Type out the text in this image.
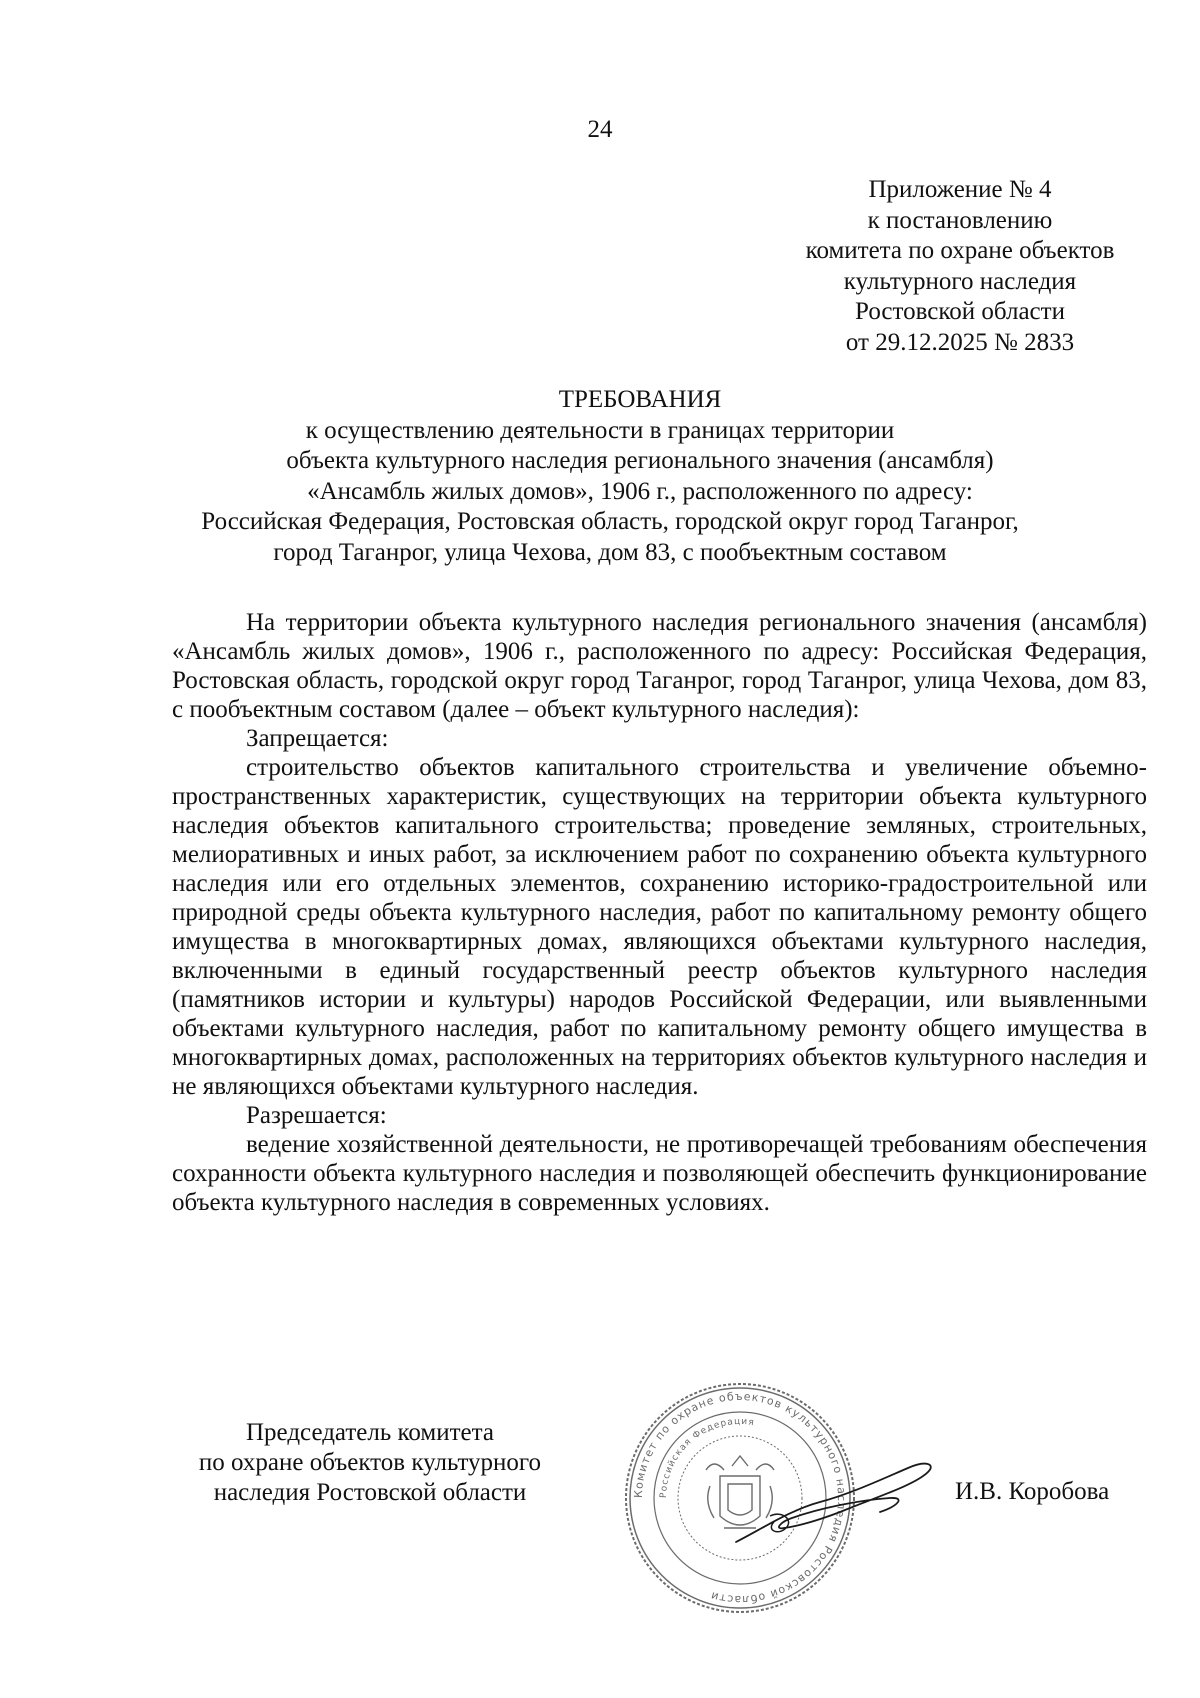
24
Приложение № 4
к постановлению
комитета по охране объектов
культурного наследия
Ростовской области
от 29.12.2025 № 2833
ТРЕБОВАНИЯ
к осуществлению деятельности в границах территории
объекта культурного наследия регионального значения (ансамбля)
«Ансамбль жилых домов», 1906 г., расположенного по адресу:
Российская Федерация, Ростовская область, городской округ город Таганрог,
город Таганрог, улица Чехова, дом 83, с пообъектным составом

На территории объекта культурного наследия регионального значения (ансамбля) «Ансамбль жилых домов», 1906 г., расположенного по адресу: Российская Федерация, Ростовская область, городской округ город Таганрог, город Таганрог, улица Чехова, дом 83, с пообъектным составом (далее – объект культурного наследия):

Запрещается:

строительство объектов капитального строительства и увеличение объемно-пространственных характеристик, существующих на территории объекта культурного наследия объектов капитального строительства; проведение земляных, строительных, мелиоративных и иных работ, за исключением работ по сохранению объекта культурного наследия или его отдельных элементов, сохранению историко-градостроительной или природной среды объекта культурного наследия, работ по капитальному ремонту общего имущества в многоквартирных домах, являющихся объектами культурного наследия, включенными в единый государственный реестр объектов культурного наследия (памятников истории и культуры) народов Российской Федерации, или выявленными объектами культурного наследия, работ по капитальному ремонту общего имущества в многоквартирных домах, расположенных на территориях объектов культурного наследия и не являющихся объектами культурного наследия.

Разрешается:

ведение хозяйственной деятельности, не противоречащей требованиям обеспечения сохранности объекта культурного наследия и позволяющей обеспечить функционирование объекта культурного наследия в современных условиях.

Председатель комитета
по охране объектов культурного
наследия Ростовской области	Комитет по охране объектов культурного наследия Ростовской области
Российская Федерация
И.В. Коробова
